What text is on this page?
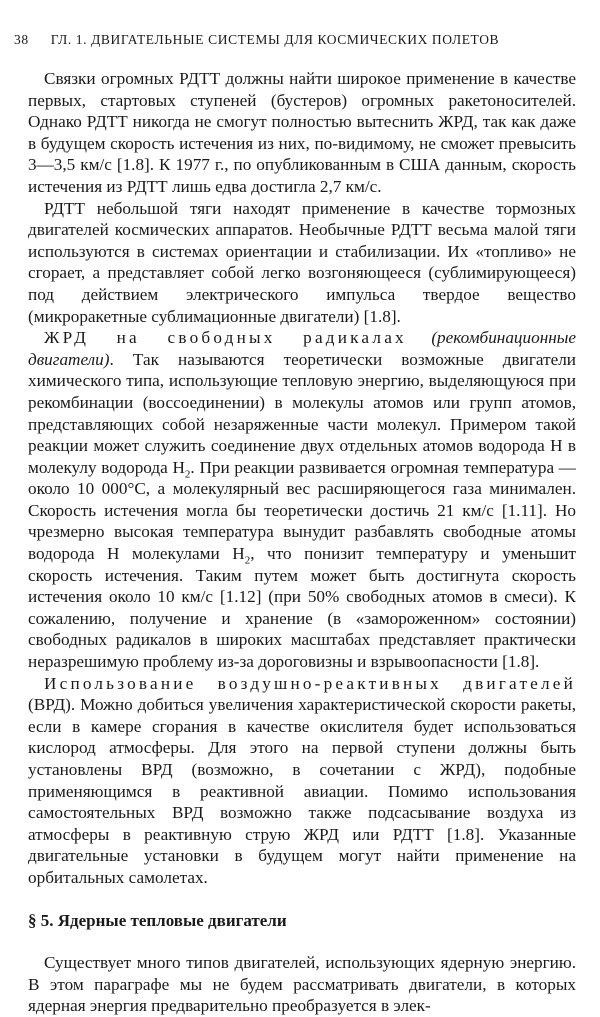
38 ГЛ. 1. ДВИГАТЕЛЬНЫЕ СИСТЕМЫ ДЛЯ КОСМИЧЕСКИХ ПОЛЕТОВ

Связки огромных РДТТ должны найти широкое применение в качестве первых, стартовых ступеней (бустеров) огромных ракетоносителей. Однако РДТТ никогда не смогут полностью вытеснить ЖРД, так как даже в будущем скорость истечения из них, по-видимому, не сможет превысить 3—3,5 км/с [1.8]. К 1977 г., по опубликованным в США данным, скорость истечения из РДТТ лишь едва достигла 2,7 км/с.

РДТТ небольшой тяги находят применение в качестве тормозных двигателей космических аппаратов. Необычные РДТТ весьма малой тяги используются в системах ориентации и стабилизации. Их «топливо» не сгорает, а представляет собой легко возгоняющееся (сублимирующееся) под действием электрического импульса твердое вещество (микроракетные сублимационные двигатели) [1.8].

ЖРД на свободных радикалах (рекомбинационные двигатели). Так называются теоретически возможные двигатели химического типа, использующие тепловую энергию, выделяющуюся при рекомбинации (воссоединении) в молекулы атомов или групп атомов, представляющих собой незаряженные части молекул. Примером такой реакции может служить соединение двух отдельных атомов водорода H в молекулу водорода $H_2$. При реакции развивается огромная температура — около 10 000°C, а молекулярный вес расширяющегося газа минимален. Скорость истечения могла бы теоретически достичь 21 км/с [1.11]. Но чрезмерно высокая температура вынудит разбавлять свободные атомы водорода H молекулами $H_2$, что понизит температуру и уменьшит скорость истечения. Таким путем может быть достигнута скорость истечения около 10 км/с [1.12] (при 50% свободных атомов в смеси). К сожалению, получение и хранение (в «замороженном» состоянии) свободных радикалов в широких масштабах представляет практически неразрешимую проблему из-за дороговизны и взрывоопасности [1.8].

Использование воздушно-реактивных двигателей (ВРД). Можно добиться увеличения характеристической скорости ракеты, если в камере сгорания в качестве окислителя будет использоваться кислород атмосферы. Для этого на первой ступени должны быть установлены ВРД (возможно, в сочетании с ЖРД), подобные применяющимся в реактивной авиации. Помимо использования самостоятельных ВРД возможно также подсасывание воздуха из атмосферы в реактивную струю ЖРД или РДТТ [1.8]. Указанные двигательные установки в будущем могут найти применение на орбитальных самолетах.

§ 5. Ядерные тепловые двигатели

Существует много типов двигателей, использующих ядерную энергию. В этом параграфе мы не будем рассматривать двигатели, в которых ядерная энергия предварительно преобразуется в элек-
